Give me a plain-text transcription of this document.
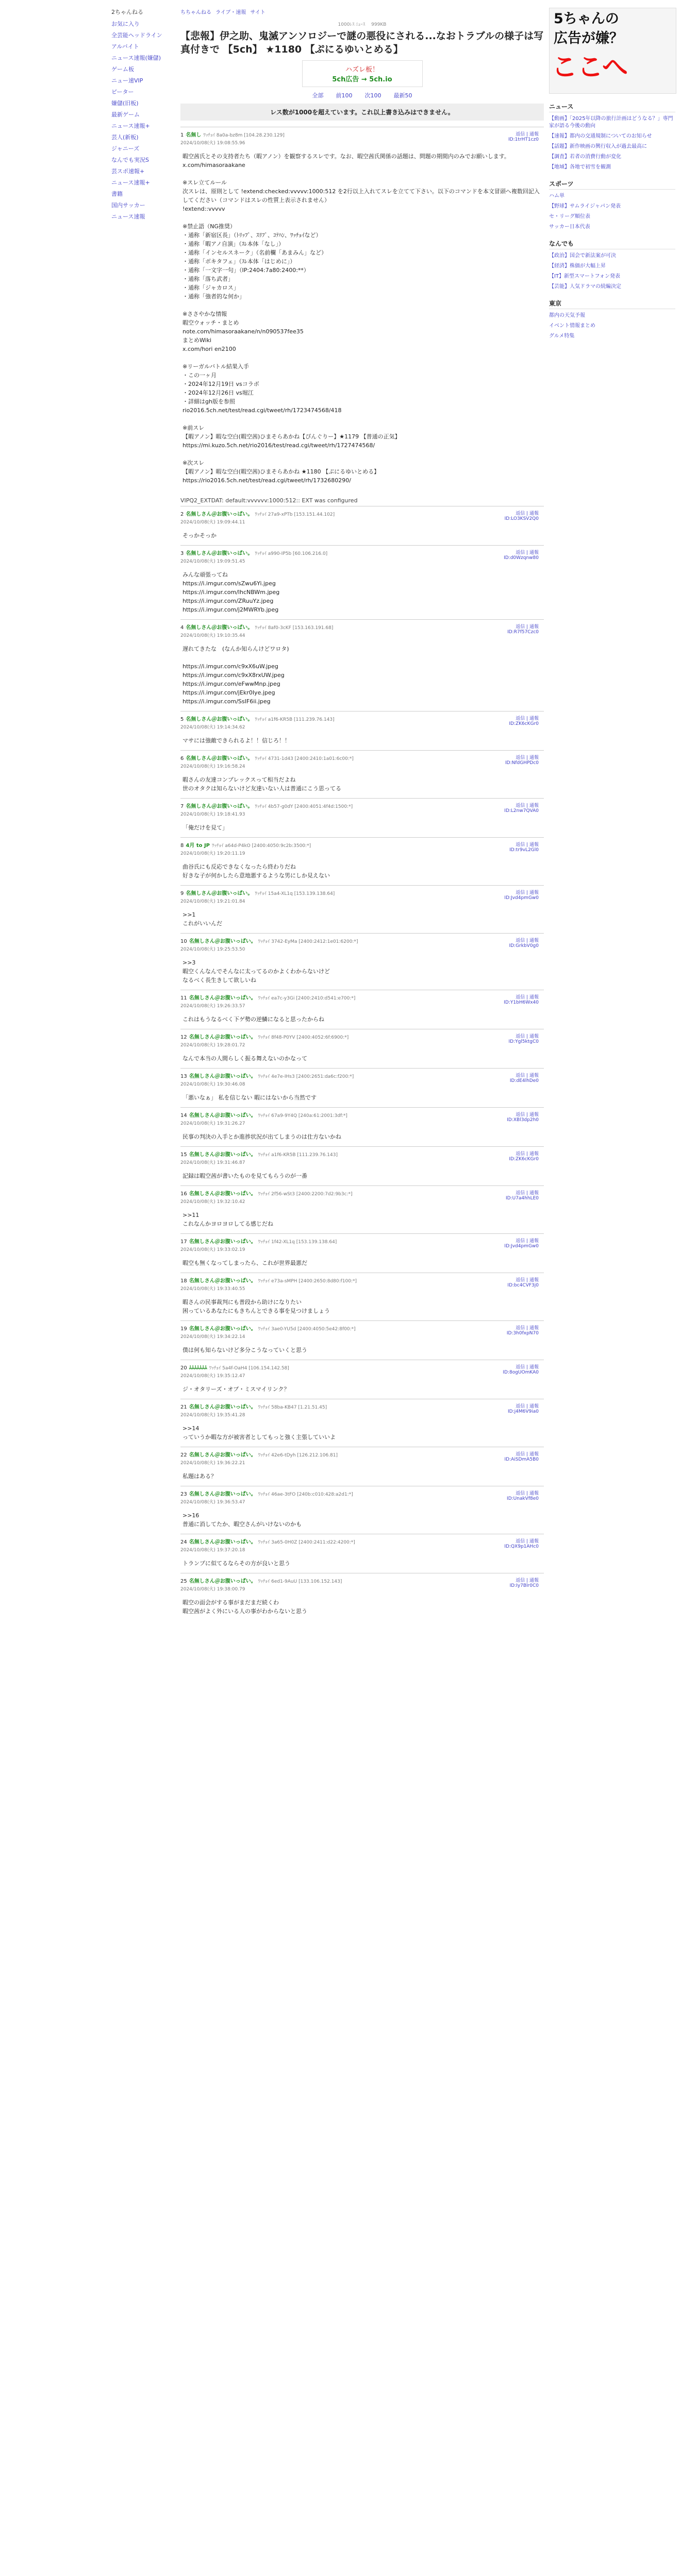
2ちゃんねる
お気に入り
全芸能ヘッドライン
アルバイト
ニュース速報(嫌儲)
ゲーム板
ニュー速VIP
ピーター
嫌儲(旧板)
最新ゲーム
ニュース速報+
芸人(新板)
ジャニーズ
なんでも実況S
芸スポ速報+
ニュース速報+
書籍
国内サッカー
ニュース速報
ちちゃんねる ライブ・速報 サイト
1000ﾚｽ ﾆｭｰｽ 　999KB
【悲報】伊之助、鬼滅アンソロジーで謎の悪役にされる...なおトラブルの様子は写真付きで 【5ch】 ★1180 【ぷにるゆいとめる】
ハズレ板！
5ch広告 → 5ch.io
全部 前100 次100 最新50
レス数が1000を超えています。これ以上書き込みはできません。
1 名無し ﾜｯﾁｮｲ 8a0a-bz8m [104.28.230.129]
2024/10/08(火) 19:08:55.96
返信 | 通報
ID:1trHT1cz0
暇空茜氏とその支持者たち（暇アノン）を観察するスレです。なお、暇空茜氏関係の話題は、問題の期間内のみでお願いします。
x.com/himasoraakane

※スレ立てルール
次スレは、原則として !extend:checked:vvvvv:1000:512 を2行以上入れてスレを立てて下さい。以下のコマンドを本文冒頭へ複数回記入してください（コマンドはスレの性質上表示されません）
!extend::vvvvv

※禁止語（NG推奨）
・通称「新宿区長」（ﾄﾘｯﾌﾟ、ｽﾘﾌﾟ、ｺﾃﾊﾝ、ﾜｯﾁｮｲなど）
・通称「暇アノ自演」（ｽﾚ本体「なし」）
・通称「インセルスネーク」（名前欄「あまみん」など）
・通称「ボキタフェ」（ｽﾚ本体「はじめに」）
・通称「一文字一句」（IP:2404:7a80:2400:**）
・通称「落ち武者」
・通称「ジャカロス」
・通称「強者的な何か」

※ささやかな情報
暇空ウォッチ・まとめ
note.com/himasoraakane/n/n090537fee35
まとめWiki
x.com/hori en2100

※リーガルバトル結果入手
・この一ヶ月
・2024年12月19日 vsコラボ
・2024年12月26日 vs堀江
・詳細はgh版を参照
rio2016.5ch.net/test/read.cgi/tweet/rh/1723474568/418

※前スレ
【暇アノン】暇な空白(暇空茜)ひまそらあかね【ぴんぐりー】★1179 【普通の正気】
https://mi.kuzo.5ch.net/rio2016/test/read.cgi/tweet/rh/1727474568/

※次スレ
【暇アノン】暇な空白(暇空茜)ひまそらあかね ★1180 【ぷにるゆいとめる】
https://rio2016.5ch.net/test/read.cgi/tweet/rh/1732680290/
VIPQ2_EXTDAT: default:vvvvvv:1000:512:: EXT was configured
2 名無しさん＠お腹いっぱい。 ﾜｯﾁｮｲ 27a9-xPTb [153.151.44.102]
2024/10/08(火) 19:09:44.11
返信 | 通報
ID:LO3KSV2Q0
そっかそっか
3 名無しさん＠お腹いっぱい。 ﾜｯﾁｮｲ a990-IP5b [60.106.216.0]
2024/10/08(火) 19:09:51.45
返信 | 通報
ID:d0Wzqnw80
みんな頑張ってね
https://i.imgur.com/sZwu6Yi.jpeg
https://i.imgur.com/lhcNBWm.jpeg
https://i.imgur.com/ZRuuYz.jpeg
https://i.imgur.com/j2MWRYb.jpeg
4 名無しさん＠お腹いっぱい。 ﾜｯﾁｮｲ 8af0-3cKF [153.163.191.68]
2024/10/08(火) 19:10:35.44
返信 | 通報
ID:R7f57Czc0
遅れてきたな　(なんか知らんけどワロタ)

https://i.imgur.com/c9xX6uW.jpeg
https://i.imgur.com/c9xX8rxUW.jpeg
https://i.imgur.com/eFwwMnp.jpeg
https://i.imgur.com/jEkr0Iye.jpeg
https://i.imgur.com/SsIF6ii.jpeg
5 名無しさん＠お腹いっぱい。 ﾜｯﾁｮｲ a1f6-KR5B [111.239.76.143]
2024/10/08(火) 19:14:34.62
返信 | 通報
ID:ZK6cKGr0
マサには強敵できられるよ！！信じろ！！
6 名無しさん＠お腹いっぱい。 ﾜｯﾁｮｲ 4731-1d43 [2400:2410:1a01:6c00:*]
2024/10/08(火) 19:16:58.24
返信 | 通報
ID:NfdGHPDc0
暇さんの友達コンプレックスって相当だよね
世のオタクは知らないけど友達いない人は普通にこう思ってる
7 名無しさん＠お腹いっぱい。 ﾜｯﾁｮｲ 4b57-g0dY [2400:4051:4f4d:1500:*]
2024/10/08(火) 19:18:41.93
返信 | 通報
ID:L2nw7QVA0
「俺だけを見て」
8 4月 to JP ﾜｯﾁｮｲ a64d-P4kO [2400:4050:9c2b:3500:*]
2024/10/08(火) 19:20:11.19
返信 | 通報
ID:tr9vL2Gl0
曲谷氏にも反応できなくなったら終わりだね
好きな子が何かしたら意地悪するような男にしか見えない
9 名無しさん＠お腹いっぱい。 ﾜｯﾁｮｲ 15a4-XL1q [153.139.138.64]
2024/10/08(火) 19:21:01.84
返信 | 通報
ID:Jvd4pmGw0
>>1
これがいいんだ
10 名無しさん＠お腹いっぱい。 ﾜｯﾁｮｲ 3742-EyMa [2400:2412:1e01:6200:*]
2024/10/08(火) 19:25:53.50
返信 | 通報
ID:GrkbV0g0
>>3
暇空くんなんでそんなに太ってるのかよくわからないけど
なるべく長生きして欲しいね
11 名無しさん＠お腹いっぱい。 ﾜｯﾁｮｲ ea7c-y3Gi [2400:2410:d541:e700:*]
2024/10/08(火) 19:26:33.57
返信 | 通報
ID:Y1bH6Wx40
これはもうなるべく下ゲ勢の逆鱗になると思ったからね
12 名無しさん＠お腹いっぱい。 ﾜｯﾁｮｲ 8f48-P0YV [2400:4052:6f:6900:*]
2024/10/08(火) 19:28:01.72
返信 | 通報
ID:Ygl5ktgC0
なんで本当の人間らしく振る舞えないのかなって
13 名無しさん＠お腹いっぱい。 ﾜｯﾁｮｲ 4e7e-IHs3 [2400:2651:da6c:f200:*]
2024/10/08(火) 19:30:46.08
返信 | 通報
ID:dE4lhDe0
「悪いなぁ」 私を信じない 暇にはないから当然です
14 名無しさん＠お腹いっぱい。 ﾜｯﾁｮｲ 67a9-9Y4Q [240a:61:2001:3df:*]
2024/10/08(火) 19:31:26.27
返信 | 通報
ID:XBl3dp2h0
民事の判決の入手とか進捗状況が出てしまうのは仕方ないかね
15 名無しさん＠お腹いっぱい。 ﾜｯﾁｮｲ a1f6-KR5B [111.239.76.143]
2024/10/08(火) 19:31:46.87
返信 | 通報
ID:ZK6cKGr0
記録は暇空茜が書いたものを見てもらうのが一番
16 名無しさん＠お腹いっぱい。 ﾜｯﾁｮｲ 2f56-wSt3 [2400:2200:7d2:9b3c:*]
2024/10/08(火) 19:32:10.42
返信 | 通報
ID:U7a4hhLE0
>>11
これなんかヨロヨロしてる感じだね
17 名無しさん＠お腹いっぱい。 ﾜｯﾁｮｲ 1f42-XL1q [153.139.138.64]
2024/10/08(火) 19:33:02.19
返信 | 通報
ID:Jvd4pmGw0
暇空も無くなってしまったら、これが世界最悪だ
18 名無しさん＠お腹いっぱい。 ﾜｯﾁｮｲ e73a-sMPH [2400:2650:8d80:f100:*]
2024/10/08(火) 19:33:40.55
返信 | 通報
ID:bc4CVF3j0
暇さんの民事裁判にも普段から助けになりたい
困っているあなたにもきちんとできる事を見つけましょう
19 名無しさん＠お腹いっぱい。 ﾜｯﾁｮｲ 3ae0-YU5d [2400:4050:5e42:8f00:*]
2024/10/08(火) 19:34:22.14
返信 | 通報
ID:3h0fxpN70
僕は何も知らないけど多分こうなっていくと思う
20 ﾑﾑﾑﾑﾑﾑﾑ ﾜｯﾁｮｲ 5a4f-OaH4 [106.154.142.58]
2024/10/08(火) 19:35:12.47
返信 | 通報
ID:8ogUOmKA0
ジ・オタリーズ・オブ・ミスマイリンク？
21 名無しさん＠お腹いっぱい。 ﾜｯﾁｮｲ 58ba-KB47 [1.21.51.45]
2024/10/08(火) 19:35:41.28
返信 | 通報
ID:j4M6V9ia0
>>14
っていうか暇な方が被害者としてもっと強く主張していいよ
22 名無しさん＠お腹いっぱい。 ﾜｯﾁｮｲ 42e6-tDyh [126.212.106.81]
2024/10/08(火) 19:36:22.21
返信 | 通報
ID:AiSDmA5B0
私題はある？
23 名無しさん＠お腹いっぱい。 ﾜｯﾁｮｲ 46ae-3tFO [240b:c010:428:a2d1:*]
2024/10/08(火) 19:36:53.47
返信 | 通報
ID:UnakVf8e0
>>16
普通に消してたか、暇空さんがいけないのかも
24 名無しさん＠お腹いっぱい。 ﾜｯﾁｮｲ 3a65-0H0Z [2400:2411:d22:4200:*]
2024/10/08(火) 19:37:20.18
返信 | 通報
ID:QX9p1AHc0
トランプに似てるならその方が良いと思う
25 名無しさん＠お腹いっぱい。 ﾜｯﾁｮｲ 6ed1-9AuU [133.106.152.143]
2024/10/08(火) 19:38:00.79
返信 | 通報
ID:Iy7Blr0C0
暇空の面会がする事がまだまだ続くわ
暇空茜がよく外にいる人の事がわからないと思う
5ちゃんの
広告が嫌？
ここへ
ニュース
【動画】「2025年以降の旅行計画はどうなる？」専門家が語る今後の動向
【速報】都内の交通規制についてのお知らせ
【話題】新作映画の興行収入が過去最高に
【調査】若者の消費行動が変化
【地域】各地で初雪を観測
スポーツ
ハム単
【野球】サムライジャパン発表
セ・リーグ順位表
サッカー日本代表
なんでも
【政治】国会で新法案が可決
【経済】株価が大幅上昇
【IT】新型スマートフォン発表
【芸能】人気ドラマの続編決定
東京
都内の天気予報
イベント情報まとめ
グルメ特集
